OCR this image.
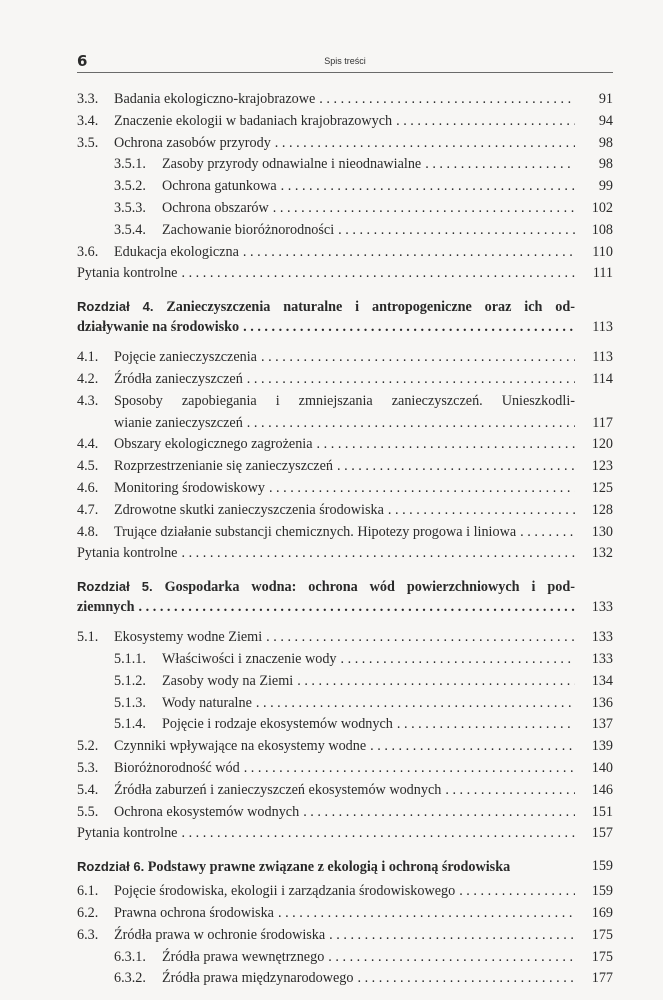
6	Spis treści
3.3.	Badania ekologiczno-krajobrazowe . . .	91
3.4.	Znaczenie ekologii w badaniach krajobrazowych . . .	94
3.5.	Ochrona zasobów przyrody . . .	98
3.5.1.	Zasoby przyrody odnawialne i nieodnawialne . . .	98
3.5.2.	Ochrona gatunkowa . . .	99
3.5.3.	Ochrona obszarów . . .	102
3.5.4.	Zachowanie bioróżnorodności . . .	108
3.6.	Edukacja ekologiczna . . .	110
Pytania kontrolne . . .	111
Rozdział 4. Zanieczyszczenia naturalne i antropogeniczne oraz ich od-
działywanie na środowisko . . .	113
4.1.	Pojęcie zanieczyszczenia . . .	113
4.2.	Źródła zanieczyszczeń . . .	114
4.3.	Sposoby zapobiegania i zmniejszania zanieczyszczeń. Unieszkodli-
wianie zanieczyszczeń . . .	117
4.4.	Obszary ekologicznego zagrożenia . . .	120
4.5.	Rozprzestrzenianie się zanieczyszczeń . . .	123
4.6.	Monitoring środowiskowy . . .	125
4.7.	Zdrowotne skutki zanieczyszczenia środowiska . . .	128
4.8.	Trujące działanie substancji chemicznych. Hipotezy progowa i liniowa . . .	130
Pytania kontrolne . . .	132
Rozdział 5. Gospodarka wodna: ochrona wód powierzchniowych i pod-
ziemnych . . .	133
5.1.	Ekosystemy wodne Ziemi . . .	133
5.1.1.	Właściwości i znaczenie wody . . .	133
5.1.2.	Zasoby wody na Ziemi . . .	134
5.1.3.	Wody naturalne . . .	136
5.1.4.	Pojęcie i rodzaje ekosystemów wodnych . . .	137
5.2.	Czynniki wpływające na ekosystemy wodne . . .	139
5.3.	Bioróżnorodność wód . . .	140
5.4.	Źródła zaburzeń i zanieczyszczeń ekosystemów wodnych . . .	146
5.5.	Ochrona ekosystemów wodnych . . .	151
Pytania kontrolne . . .	157
Rozdział 6. Podstawy prawne związane z ekologią i ochroną środowiska	159
6.1.	Pojęcie środowiska, ekologii i zarządzania środowiskowego . . .	159
6.2.	Prawna ochrona środowiska . . .	169
6.3.	Źródła prawa w ochronie środowiska . . .	175
6.3.1.	Źródła prawa wewnętrznego . . .	175
6.3.2.	Źródła prawa międzynarodowego . . .	177
